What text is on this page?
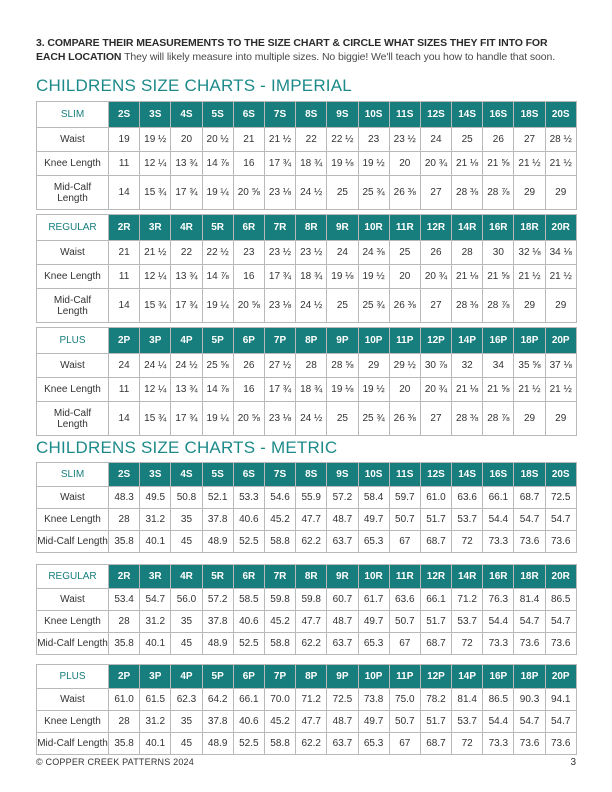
3. COMPARE THEIR MEASUREMENTS TO THE SIZE CHART & CIRCLE WHAT SIZES THEY FIT INTO FOR EACH LOCATION They will likely measure into multiple sizes. No biggie! We'll teach you how to handle that soon.
CHILDRENS SIZE CHARTS - IMPERIAL
SLIM	2S	3S	4S	5S	6S	7S	8S	9S	10S	11S	12S	14S	16S	18S	20S
Waist	19	19 ½	20	20 ½	21	21 ½	22	22 ½	23	23 ½	24	25	26	27	28 ½
Knee Length	11	12 ¼	13 ¾	14 ⅞	16	17 ¾	18 ¾	19 ⅛	19 ½	20	20 ¾	21 ⅛	21 ⅝	21 ½	21 ½
Mid-Calf Length	14	15 ¾	17 ¾	19 ¼	20 ⅝	23 ⅛	24 ½	25	25 ¾	26 ⅜	27	28 ⅜	28 ⅞	29	29
REGULAR	2R	3R	4R	5R	6R	7R	8R	9R	10R	11R	12R	14R	16R	18R	20R
Waist	21	21 ½	22	22 ½	23	23 ½	23 ½	24	24 ⅜	25	26	28	30	32 ⅛	34 ⅛
Knee Length	11	12 ¼	13 ¾	14 ⅞	16	17 ¾	18 ¾	19 ⅛	19 ½	20	20 ¾	21 ⅛	21 ⅝	21 ½	21 ½
Mid-Calf Length	14	15 ¾	17 ¾	19 ¼	20 ⅝	23 ⅛	24 ½	25	25 ¾	26 ⅜	27	28 ⅜	28 ⅞	29	29
PLUS	2P	3P	4P	5P	6P	7P	8P	9P	10P	11P	12P	14P	16P	18P	20P
Waist	24	24 ¼	24 ½	25 ⅝	26	27 ½	28	28 ⅝	29	29 ½	30 ⅞	32	34	35 ⅝	37 ⅛
Knee Length	11	12 ¼	13 ¾	14 ⅞	16	17 ¾	18 ¾	19 ⅛	19 ½	20	20 ¾	21 ⅛	21 ⅝	21 ½	21 ½
Mid-Calf Length	14	15 ¾	17 ¾	19 ¼	20 ⅝	23 ⅛	24 ½	25	25 ¾	26 ⅜	27	28 ⅜	28 ⅞	29	29
CHILDRENS SIZE CHARTS - METRIC
SLIM	2S	3S	4S	5S	6S	7S	8S	9S	10S	11S	12S	14S	16S	18S	20S
Waist	48.3	49.5	50.8	52.1	53.3	54.6	55.9	57.2	58.4	59.7	61.0	63.6	66.1	68.7	72.5
Knee Length	28	31.2	35	37.8	40.6	45.2	47.7	48.7	49.7	50.7	51.7	53.7	54.4	54.7	54.7
Mid-Calf Length	35.8	40.1	45	48.9	52.5	58.8	62.2	63.7	65.3	67	68.7	72	73.3	73.6	73.6
REGULAR	2R	3R	4R	5R	6R	7R	8R	9R	10R	11R	12R	14R	16R	18R	20R
Waist	53.4	54.7	56.0	57.2	58.5	59.8	59.8	60.7	61.7	63.6	66.1	71.2	76.3	81.4	86.5
Knee Length	28	31.2	35	37.8	40.6	45.2	47.7	48.7	49.7	50.7	51.7	53.7	54.4	54.7	54.7
Mid-Calf Length	35.8	40.1	45	48.9	52.5	58.8	62.2	63.7	65.3	67	68.7	72	73.3	73.6	73.6
PLUS	2P	3P	4P	5P	6P	7P	8P	9P	10P	11P	12P	14P	16P	18P	20P
Waist	61.0	61.5	62.3	64.2	66.1	70.0	71.2	72.5	73.8	75.0	78.2	81.4	86.5	90.3	94.1
Knee Length	28	31.2	35	37.8	40.6	45.2	47.7	48.7	49.7	50.7	51.7	53.7	54.4	54.7	54.7
Mid-Calf Length	35.8	40.1	45	48.9	52.5	58.8	62.2	63.7	65.3	67	68.7	72	73.3	73.6	73.6
© COPPER CREEK PATTERNS 2024	3
